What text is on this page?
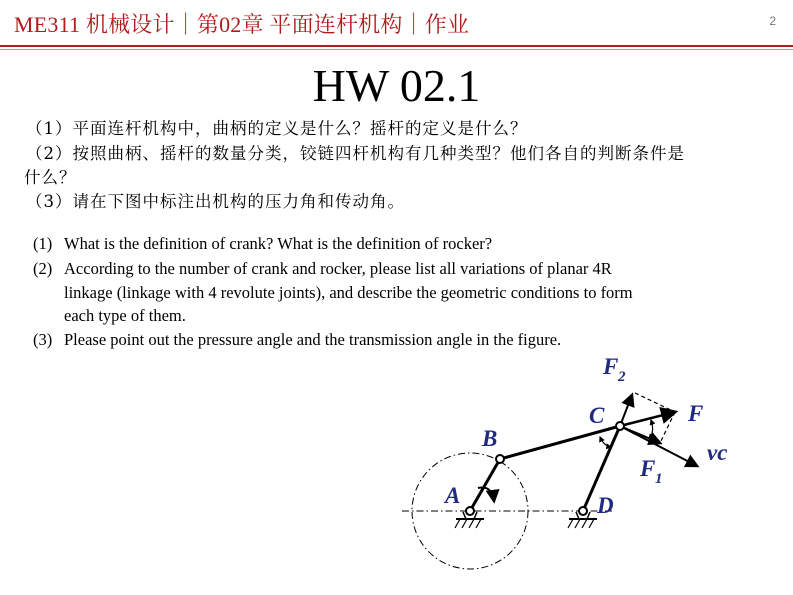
ME311 机械设计｜第02章 平面连杆机构｜作业	2
HW 02.1
（1）平面连杆机构中，曲柄的定义是什么？摇杆的定义是什么？
（2）按照曲柄、摇杆的数量分类，铰链四杆机构有几种类型？他们各自的判断条件是
什么？
（3）请在下图中标注出机构的压力角和传动角。
(1) What is the definition of crank? What is the definition of rocker?
(2) According to the number of crank and rocker, please list all variations of planar 4R
linkage (linkage with 4 revolute joints), and describe the geometric conditions to form
each type of them.
(3) Please point out the pressure angle and the transmission angle in the figure.
A
B
C
D
F
F 1
F 2
vc
